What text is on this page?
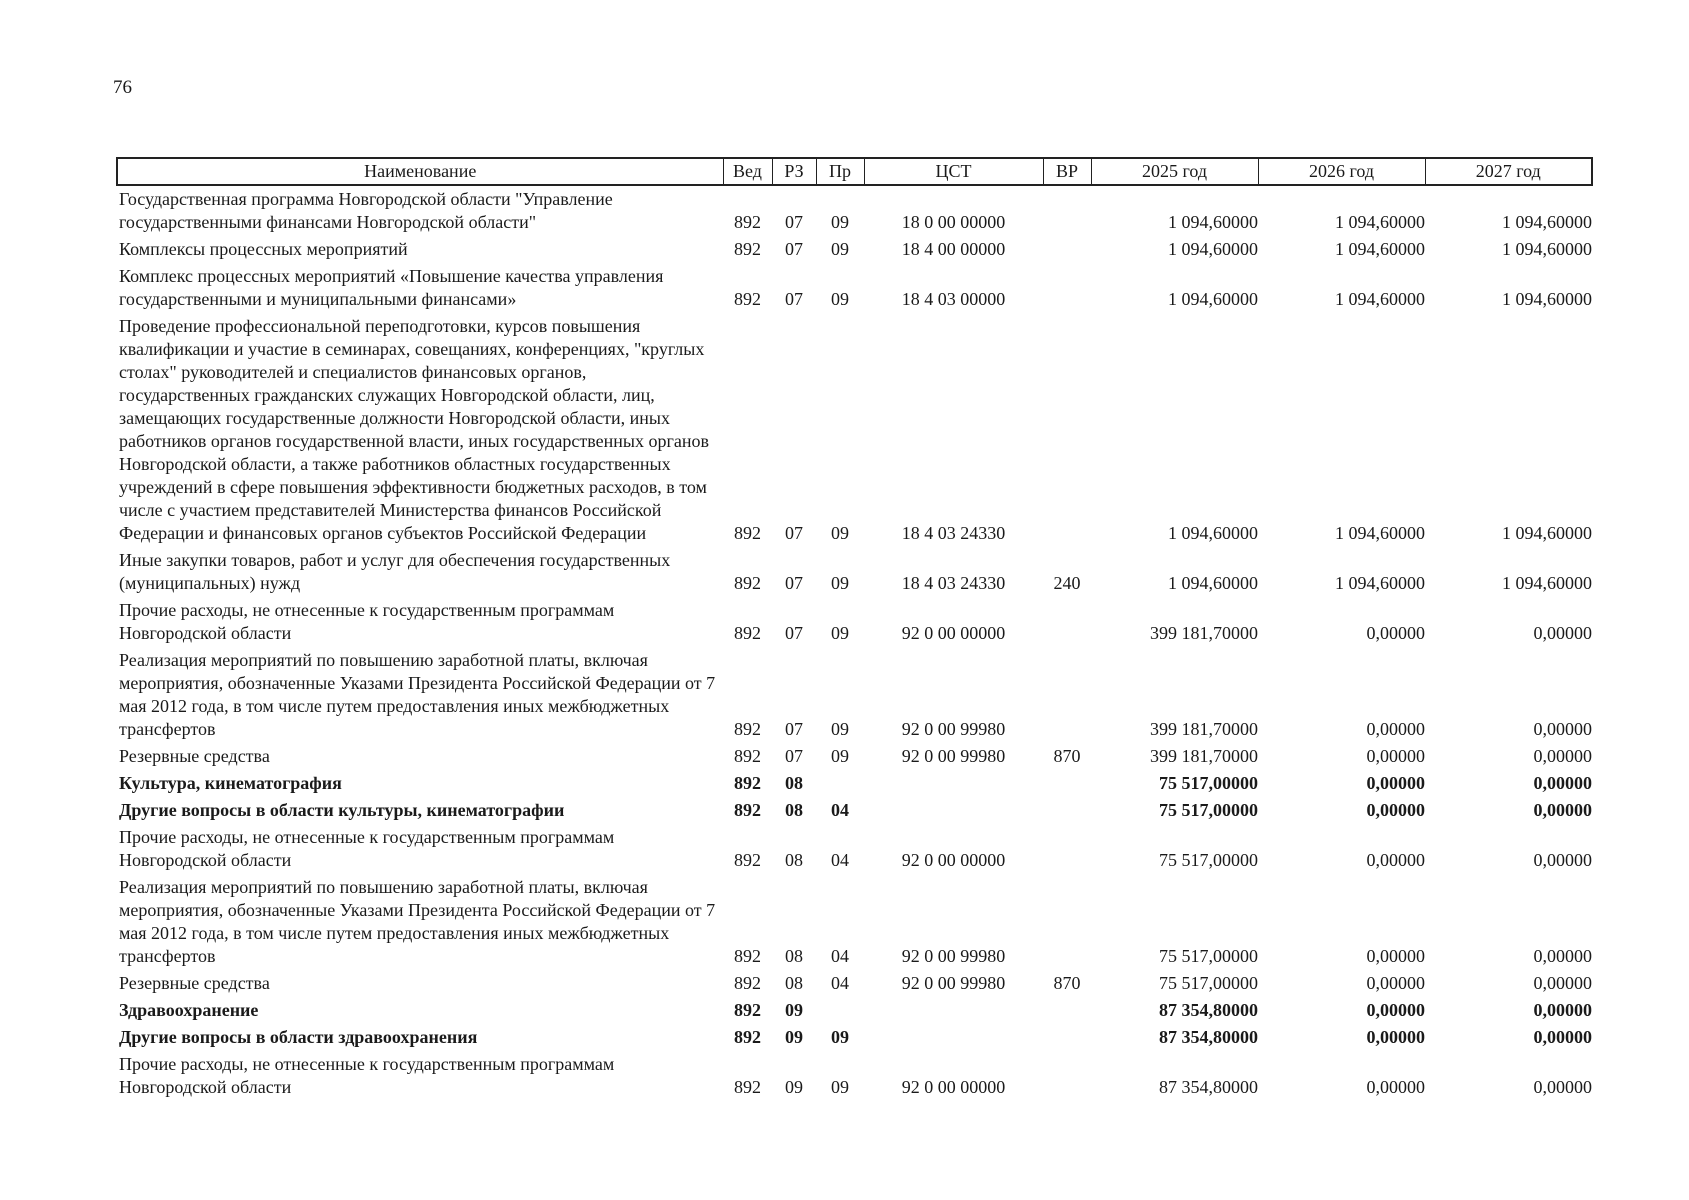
76
Наименование	Вед	РЗ	Пр	ЦСТ	ВР	2025 год	2026 год	2027 год
Государственная программа Новгородской области "Управление государственными финансами Новгородской области"	892	07	09	18 0 00 00000		1 094,60000	1 094,60000	1 094,60000
Комплексы процессных мероприятий	892	07	09	18 4 00 00000		1 094,60000	1 094,60000	1 094,60000
Комплекс процессных мероприятий «Повышение качества управления государственными и муниципальными финансами»	892	07	09	18 4 03 00000		1 094,60000	1 094,60000	1 094,60000
Проведение профессиональной переподготовки, курсов повышения квалификации и участие в семинарах, совещаниях, конференциях, "круглых столах" руководителей и специалистов финансовых органов, государственных гражданских служащих Новгородской области, лиц, замещающих государственные должности Новгородской области, иных работников органов государственной власти, иных государственных органов Новгородской области, а также работников областных государственных учреждений в сфере повышения эффективности бюджетных расходов, в том числе с участием представителей Министерства финансов Российской Федерации и финансовых органов субъектов Российской Федерации	892	07	09	18 4 03 24330		1 094,60000	1 094,60000	1 094,60000
Иные закупки товаров, работ и услуг для обеспечения государственных (муниципальных) нужд	892	07	09	18 4 03 24330	240	1 094,60000	1 094,60000	1 094,60000
Прочие расходы, не отнесенные к государственным программам Новгородской области	892	07	09	92 0 00 00000		399 181,70000	0,00000	0,00000
Реализация мероприятий по повышению заработной платы, включая мероприятия, обозначенные Указами Президента Российской Федерации от 7 мая 2012 года, в том числе путем предоставления иных межбюджетных трансфертов	892	07	09	92 0 00 99980		399 181,70000	0,00000	0,00000
Резервные средства	892	07	09	92 0 00 99980	870	399 181,70000	0,00000	0,00000
Культура, кинематография	892	08				75 517,00000	0,00000	0,00000
Другие вопросы в области культуры, кинематографии	892	08	04			75 517,00000	0,00000	0,00000
Прочие расходы, не отнесенные к государственным программам Новгородской области	892	08	04	92 0 00 00000		75 517,00000	0,00000	0,00000
Реализация мероприятий по повышению заработной платы, включая мероприятия, обозначенные Указами Президента Российской Федерации от 7 мая 2012 года, в том числе путем предоставления иных межбюджетных трансфертов	892	08	04	92 0 00 99980		75 517,00000	0,00000	0,00000
Резервные средства	892	08	04	92 0 00 99980	870	75 517,00000	0,00000	0,00000
Здравоохранение	892	09				87 354,80000	0,00000	0,00000
Другие вопросы в области здравоохранения	892	09	09			87 354,80000	0,00000	0,00000
Прочие расходы, не отнесенные к государственным программам Новгородской области	892	09	09	92 0 00 00000		87 354,80000	0,00000	0,00000
